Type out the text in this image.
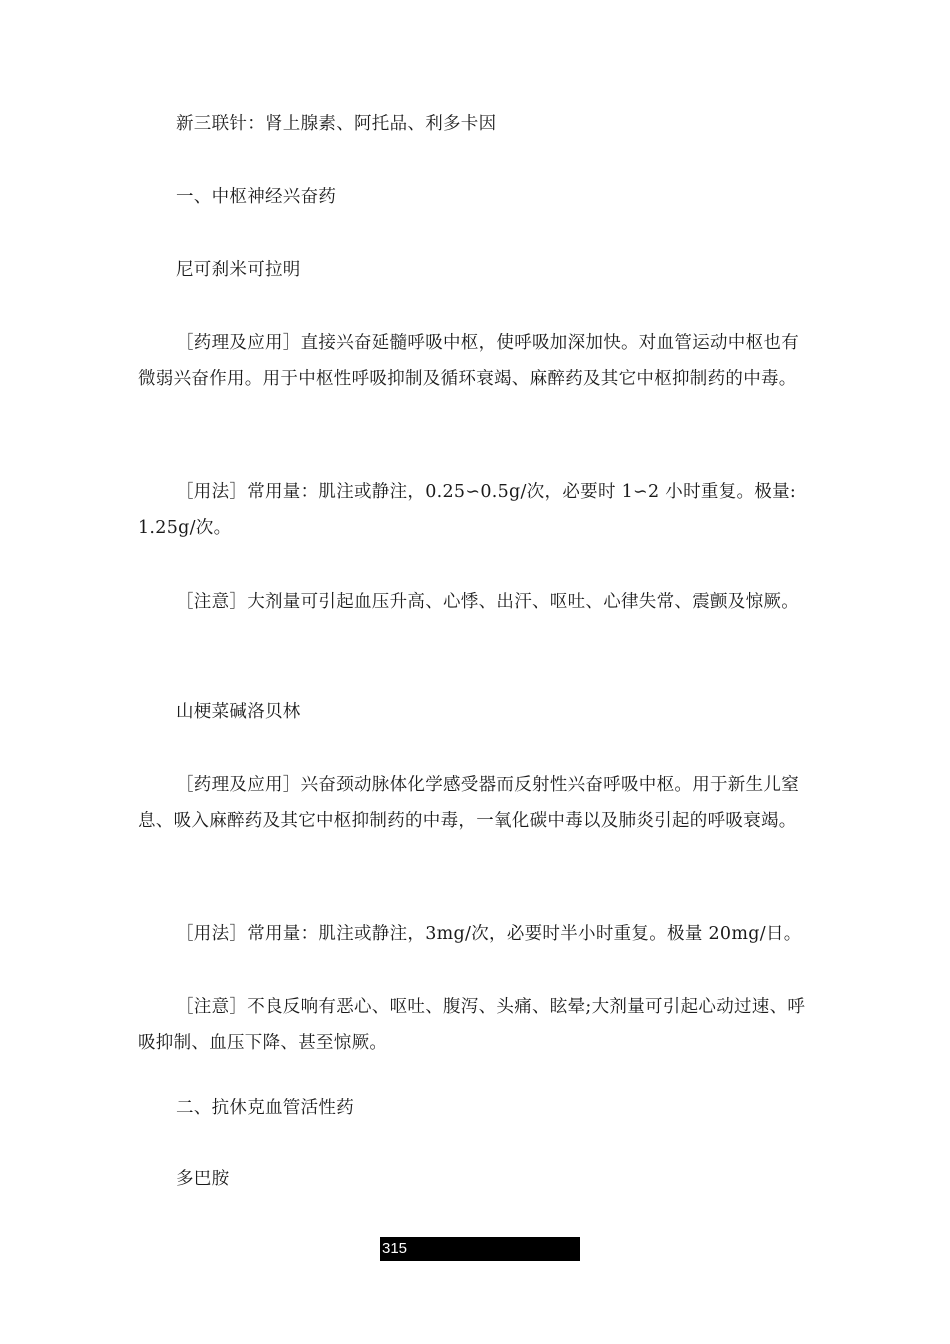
新三联针：肾上腺素、阿托品、利多卡因

一、中枢神经兴奋药

尼可刹米可拉明

［药理及应用］直接兴奋延髓呼吸中枢，使呼吸加深加快。对血管运动中枢也有微弱兴奋作用。用于中枢性呼吸抑制及循环衰竭、麻醉药及其它中枢抑制药的中毒。

［用法］常用量：肌注或静注，0.25∽0.5g/次，必要时 1∽2 小时重复。极量:1.25g/次。

［注意］大剂量可引起血压升高、心悸、出汗、呕吐、心律失常、震颤及惊厥。

山梗菜碱洛贝林

［药理及应用］兴奋颈动脉体化学感受器而反射性兴奋呼吸中枢。用于新生儿窒息、吸入麻醉药及其它中枢抑制药的中毒，一氧化碳中毒以及肺炎引起的呼吸衰竭。

［用法］常用量：肌注或静注，3mg/次，必要时半小时重复。极量 20mg/日。

［注意］不良反响有恶心、呕吐、腹泻、头痛、眩晕;大剂量可引起心动过速、呼吸抑制、血压下降、甚至惊厥。

二、抗休克血管活性药

多巴胺

315
